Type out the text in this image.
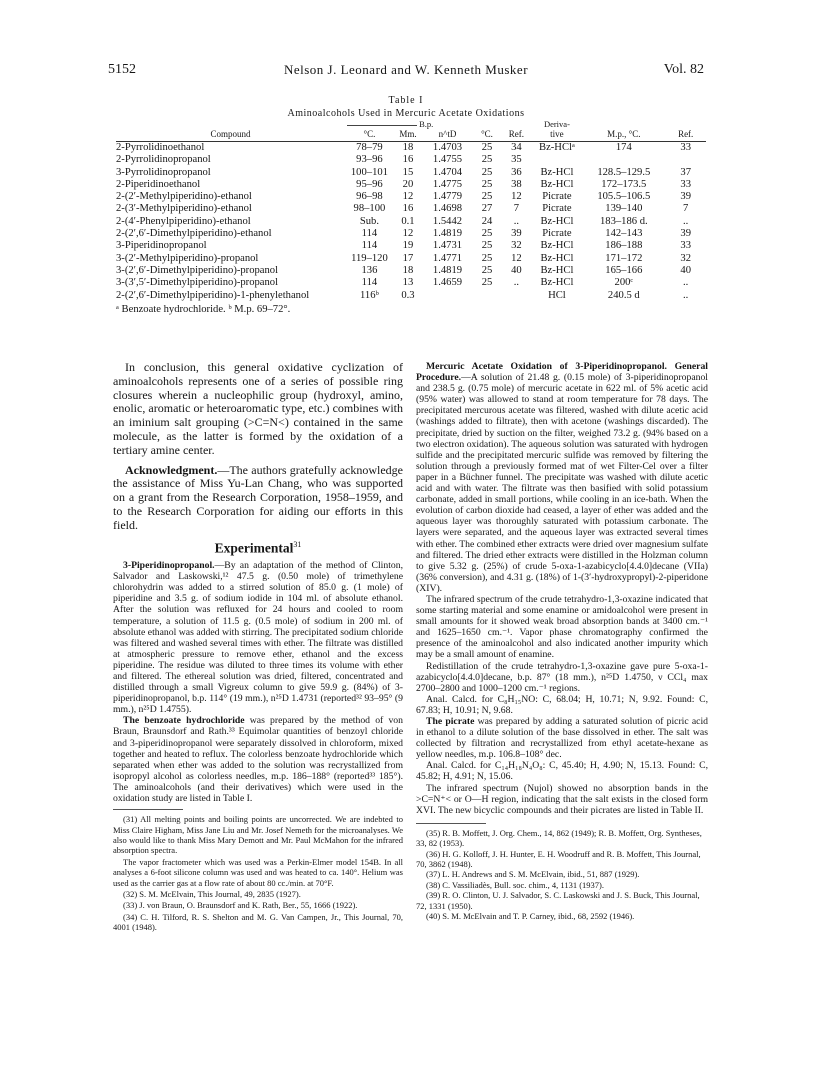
5152	Nelson J. Leonard and W. Kenneth Musker	Vol. 82
Table I
Aminoalcohols Used in Mercuric Acetate Oxidations
	B.p.					Deriva-		
Compound	°C.	Mm.	n^tD	°C.	Ref.	tive	M.p., °C.	Ref.
2-Pyrrolidinoethanol	78–79	18	1.4703	25	34	Bz-HClᵃ	174	33
2-Pyrrolidinopropanol	93–96	16	1.4755	25	35			
3-Pyrrolidinopropanol	100–101	15	1.4704	25	36	Bz-HCl	128.5–129.5	37
2-Piperidinoethanol	95–96	20	1.4775	25	38	Bz-HCl	172–173.5	33
2-(2′-Methylpiperidino)-ethanol	96–98	12	1.4779	25	12	Picrate	105.5–106.5	39
2-(3′-Methylpiperidino)-ethanol	98–100	16	1.4698	27	7	Picrate	139–140	7
2-(4′-Phenylpiperidino)-ethanol	Sub.	0.1	1.5442	24	..	Bz-HCl	183–186 d.	..
2-(2′,6′-Dimethylpiperidino)-ethanol	114	12	1.4819	25	39	Picrate	142–143	39
3-Piperidinopropanol	114	19	1.4731	25	32	Bz-HCl	186–188	33
3-(2′-Methylpiperidino)-propanol	119–120	17	1.4771	25	12	Bz-HCl	171–172	32
3-(2′,6′-Dimethylpiperidino)-propanol	136	18	1.4819	25	40	Bz-HCl	165–166	40
3-(3′,5′-Dimethylpiperidino)-propanol	114	13	1.4659	25	..	Bz-HCl	200ᶜ	..
2-(2′,6′-Dimethylpiperidino)-1-phenylethanol	116ᵇ	0.3				HCl	240.5 d	..
ᵃ Benzoate hydrochloride. ᵇ M.p. 69–72°.								

In conclusion, this general oxidative cyclization of aminoalcohols represents one of a series of possible ring closures wherein a nucleophilic group (hydroxyl, amino, enolic, aromatic or heteroaromatic type, etc.) combines with an iminium salt grouping (>C=N<) contained in the same molecule, as the latter is formed by the oxidation of a tertiary amine center.

Acknowledgment.—The authors gratefully acknowledge the assistance of Miss Yu-Lan Chang, who was supported on a grant from the Research Corporation, 1958–1959, and to the Research Corporation for aiding our efforts in this field.

Experimental$^{31}$

3-Piperidinopropanol.—By an adaptation of the method of Clinton, Salvador and Laskowski,¹² 47.5 g. (0.50 mole) of trimethylene chlorohydrin was added to a stirred solution of 85.0 g. (1 mole) of piperidine and 3.5 g. of sodium iodide in 104 ml. of absolute ethanol. After the solution was refluxed for 24 hours and cooled to room temperature, a solution of 11.5 g. (0.5 mole) of sodium in 200 ml. of absolute ethanol was added with stirring. The precipitated sodium chloride was filtered and washed several times with ether. The filtrate was distilled at atmospheric pressure to remove ether, ethanol and the excess piperidine. The residue was diluted to three times its volume with ether and filtered. The ethereal solution was dried, filtered, concentrated and distilled through a small Vigreux column to give 59.9 g. (84%) of 3-piperidinopropanol, b.p. 114° (19 mm.), n²⁵D 1.4731 (reported³² 93–95° (9 mm.), n²⁵D 1.4755).

The benzoate hydrochloride was prepared by the method of von Braun, Braunsdorf and Rath.³³ Equimolar quantities of benzoyl chloride and 3-piperidinopropanol were separately dissolved in chloroform, mixed together and heated to reflux. The colorless benzoate hydrochloride which separated when ether was added to the solution was recrystallized from isopropyl alcohol as colorless needles, m.p. 186–188° (reported³³ 185°). The aminoalcohols (and their derivatives) which were used in the oxidation study are listed in Table I.

(31) All melting points and boiling points are uncorrected. We are indebted to Miss Claire Higham, Miss Jane Liu and Mr. Josef Nemeth for the microanalyses. We also would like to thank Miss Mary Demott and Mr. Paul McMahon for the infrared absorption spectra.

The vapor fractometer which was used was a Perkin-Elmer model 154B. In all analyses a 6-foot silicone column was used and was heated to ca. 140°. Helium was used as the carrier gas at a flow rate of about 80 cc./min. at 70°F.

(32) S. M. McElvain, This Journal, 49, 2835 (1927).

(33) J. von Braun, O. Braunsdorf and K. Rath, Ber., 55, 1666 (1922).

(34) C. H. Tilford, R. S. Shelton and M. G. Van Campen, Jr., This Journal, 70, 4001 (1948).

Mercuric Acetate Oxidation of 3-Piperidinopropanol. General Procedure.—A solution of 21.48 g. (0.15 mole) of 3-piperidinopropanol and 238.5 g. (0.75 mole) of mercuric acetate in 622 ml. of 5% acetic acid (95% water) was allowed to stand at room temperature for 78 days. The precipitated mercurous acetate was filtered, washed with dilute acetic acid (washings added to filtrate), then with acetone (washings discarded). The precipitate, dried by suction on the filter, weighed 73.2 g. (94% based on a two electron oxidation). The aqueous solution was saturated with hydrogen sulfide and the precipitated mercuric sulfide was removed by filtering the solution through a previously formed mat of wet Filter-Cel over a filter paper in a Büchner funnel. The precipitate was washed with dilute acetic acid and with water. The filtrate was then basified with solid potassium carbonate, added in small portions, while cooling in an ice-bath. When the evolution of carbon dioxide had ceased, a layer of ether was added and the aqueous layer was thoroughly saturated with potassium carbonate. The layers were separated, and the aqueous layer was extracted several times with ether. The combined ether extracts were dried over magnesium sulfate and filtered. The dried ether extracts were distilled in the Holzman column to give 5.32 g. (25%) of crude 5-oxa-1-azabicyclo[4.4.0]decane (VIIa) (36% conversion), and 4.31 g. (18%) of 1-(3′-hydroxypropyl)-2-piperidone (XIV).

The infrared spectrum of the crude tetrahydro-1,3-oxazine indicated that some starting material and some enamine or amidoalcohol were present in small amounts for it showed weak broad absorption bands at 3400 cm.⁻¹ and 1625–1650 cm.⁻¹. Vapor phase chromatography confirmed the presence of the aminoalcohol and also indicated another impurity which may be a small amount of enamine.

Redistillation of the crude tetrahydro-1,3-oxazine gave pure 5-oxa-1-azabicyclo[4.4.0]decane, b.p. 87° (18 mm.), n²⁵D 1.4750, ν CCl₄ max 2700–2800 and 1000–1200 cm.⁻¹ regions.

Anal. Calcd. for C₈H₁₅NO: C, 68.04; H, 10.71; N, 9.92. Found: C, 67.83; H, 10.91; N, 9.68.

The picrate was prepared by adding a saturated solution of picric acid in ethanol to a dilute solution of the base dissolved in ether. The salt was collected by filtration and recrystallized from ethyl acetate-hexane as yellow needles, m.p. 106.8–108° dec.

Anal. Calcd. for C₁₄H₁₈N₄O₈: C, 45.40; H, 4.90; N, 15.13. Found: C, 45.82; H, 4.91; N, 15.06.

The infrared spectrum (Nujol) showed no absorption bands in the >C=N⁺< or O—H region, indicating that the salt exists in the closed form XVI. The new bicyclic compounds and their picrates are listed in Table II.

(35) R. B. Moffett, J. Org. Chem., 14, 862 (1949); R. B. Moffett, Org. Syntheses, 33, 82 (1953).

(36) H. G. Kolloff, J. H. Hunter, E. H. Woodruff and R. B. Moffett, This Journal, 70, 3862 (1948).

(37) L. H. Andrews and S. M. McElvain, ibid., 51, 887 (1929).

(38) C. Vassiliadès, Bull. soc. chim., 4, 1131 (1937).

(39) R. O. Clinton, U. J. Salvador, S. C. Laskowski and J. S. Buck, This Journal, 72, 1331 (1950).

(40) S. M. McElvain and T. P. Carney, ibid., 68, 2592 (1946).
